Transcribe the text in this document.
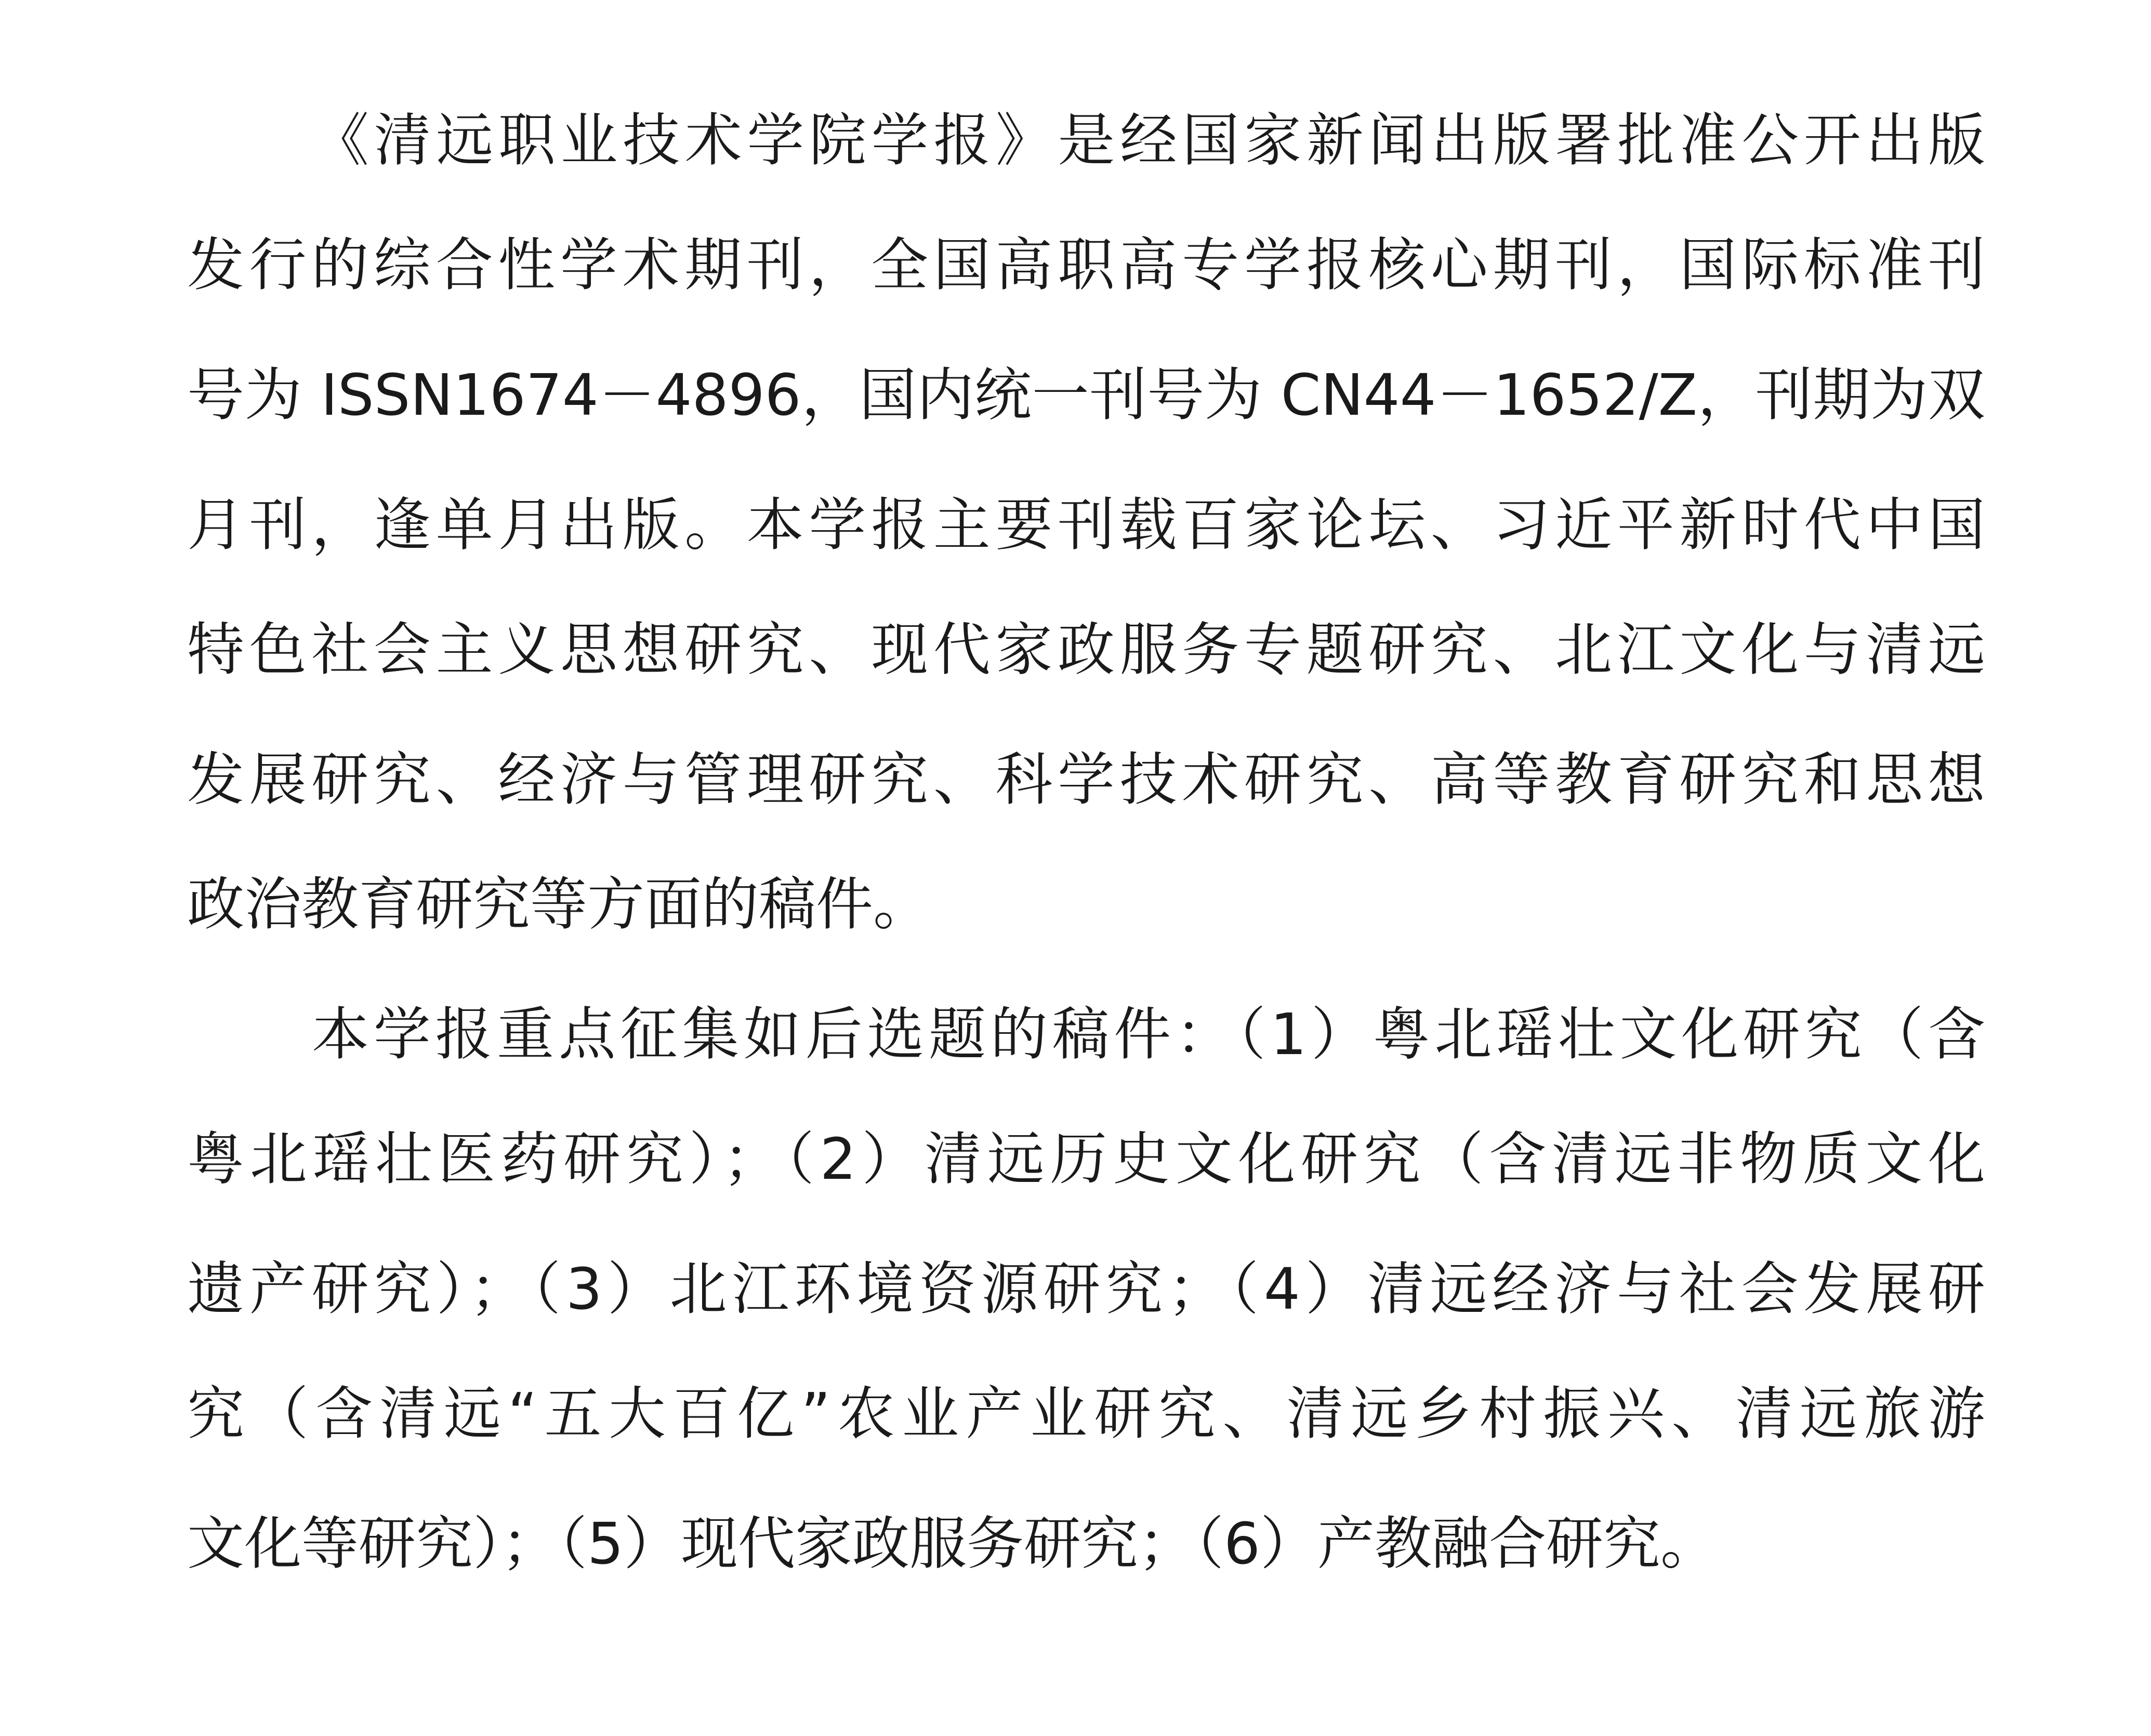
《清远职业技术学院学报》是经国家新闻出版署批准公开出版
发行的综合性学术期刊，全国高职高专学报核心期刊，国际标准刊
号为 ISSN1674－4896，国内统一刊号为 CN44－1652/Z，刊期为双
月刊，逢单月出版。本学报主要刊载百家论坛、习近平新时代中国
特色社会主义思想研究、现代家政服务专题研究、北江文化与清远
发展研究、经济与管理研究、科学技术研究、高等教育研究和思想
政治教育研究等方面的稿件。
本学报重点征集如后选题的稿件：（1）粤北瑶壮文化研究（含
粤北瑶壮医药研究）；（2）清远历史文化研究（含清远非物质文化
遗产研究）；（3）北江环境资源研究；（4）清远经济与社会发展研
究（含清远“五大百亿”农业产业研究、清远乡村振兴、清远旅游
文化等研究）；（5）现代家政服务研究；（6）产教融合研究。
